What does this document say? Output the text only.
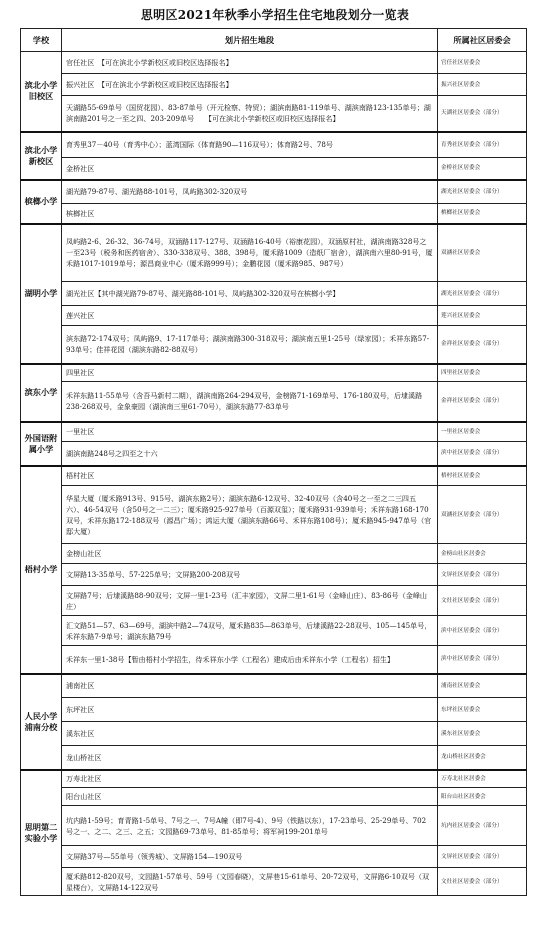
思明区2021年秋季小学招生住宅地段划分一览表
学校	划片招生地段	所属社区居委会
滨北小学旧校区	官任社区　【可在滨北小学新校区或旧校区选择报名】	官任社区居委会
	振兴社区　【可在滨北小学新校区或旧校区选择报名】	振兴社区居委会
	天湖路55-69单号（国贸花园）、83-87单号（开元检察、特贸）；湖滨南路81-119单号、湖滨南路123-135单号；湖滨南路201号之一至之四、203-209单号　　【可在滨北小学新校区或旧校区选择报名】	天湖社区居委会（部分）
滨北小学新校区	育秀里37－40号（育秀中心）；蓝湾国际（体育路90—116双号）；体育路2号、78号	育秀社区居委会（部分）
	金桥社区	金桥社区居委会
槟榔小学	湖光路79-87号、湖光路88-101号，凤屿路302-320双号	湖光社区居委会（部分）
	槟榔社区	槟榔社区居委会
湖明小学	凤屿路2-6、26-32、36-74号，双涵路117-127号、双涵路16-40号（裕康花园），双涵原村社，湖滨南路328号之一至23号（税务和医药宿舍）、330-338双号、388、398号，厦禾路1009（造纸厂宿舍），湖滨南六里80-91号，厦禾路1017-1019单号；源昌商业中心（厦禾路999号）；金鹏花园（厦禾路985、987号）	双涵社区居委会
	湖光社区【其中湖光路79-87号、湖光路88-101号、凤屿路302-320双号在槟榔小学】	湖光社区居委会（部分）
	莲兴社区	莲兴社区居委会
	滨东路72-174双号；凤屿路9、17-117单号；湖滨南路300-318双号；湖滨南五里1-25号（绿家园）；禾祥东路57-93单号；佳祥花园（湖滨东路82-88双号）	金祥社区居委会（部分）
滨东小学	四里社区	四里社区居委会
	禾祥东路11-55单号（含吾马新村二期），湖滨南路264-294双号，金榜路71-169单号、176-180双号，后埭溪路238-268双号，金象豪园（湖滨南三里61-70号），湖滨东路77-83单号	金祥社区居委会（部分）
外国语附属小学	一里社区	一里社区居委会
	湖滨南路248号之四至之十六	滨中社区居委会（部分）
梧村小学	梧村社区	梧村社区居委会
	华星大厦（厦禾路913号、915号、湖滨东路2号）；湖滨东路6-12双号、32-40双号（含40号之一至之二三四五六）、46-54双号（含50号之一二三）；厦禾路925-927单号（百源双玺）；厦禾路931-939单号；禾祥东路168-170双号，禾祥东路172-188双号（源昌广场）；鸿运大厦（湖滨东路66号、禾祥东路108号）；厦禾路945-947单号（官邸大厦）	双涵社区居委会（部分）
	金榜山社区	金榜山社区居委会
	文屏路13-35单号、57-225单号；文屏路200-208双号	文屏社区居委会（部分）
	文屏路7号；后埭溪路88-90双号；文屏一里1-23号（汇丰家园），文屏二里1-61号（金峰山庄）、83-86号（金峰山庄）	文灶社区居委会（部分）
	汇文路51—57、63—69号，湖滨中路2—74双号，厦禾路835—863单号，后埭溪路22-28双号、105—145单号，禾祥东路7-9单号；湖滨东路79号	滨中社区居委会（部分）
	禾祥东一里1-38号【暂由梧村小学招生，待禾祥东小学（工程名）建成后由禾祥东小学（工程名）招生】	滨中社区居委会（部分）
人民小学浦南分校	浦南社区	浦南社区居委会
	东坪社区	东坪社区居委会
	溪东社区	溪东社区居委会
	龙山桥社区	龙山桥社区居委会
思明第二实验小学	万寿北社区	万寿北社区居委会
	阳台山社区	阳台山社区居委会
	坑内路1-59号；育青路1-5单号、7号之一、7号A幢（即7号-4）、9号（铁路以东），17-23单号、25-29单号、702号之一、之二、之三、之五；文园路69-73单号、81-85单号；将军祠199-201单号	坑内社区居委会（部分）
	文屏路37号—55单号（领秀城）、文屏路154—190双号	文屏社区居委会（部分）
	厦禾路812-820双号，文园路1-57单号、59号（文园春晓），文屏巷15-61单号、20-72双号，文屏路6-10双号（双星楼台），文屏路14-122双号	文灶社区居委会（部分）
